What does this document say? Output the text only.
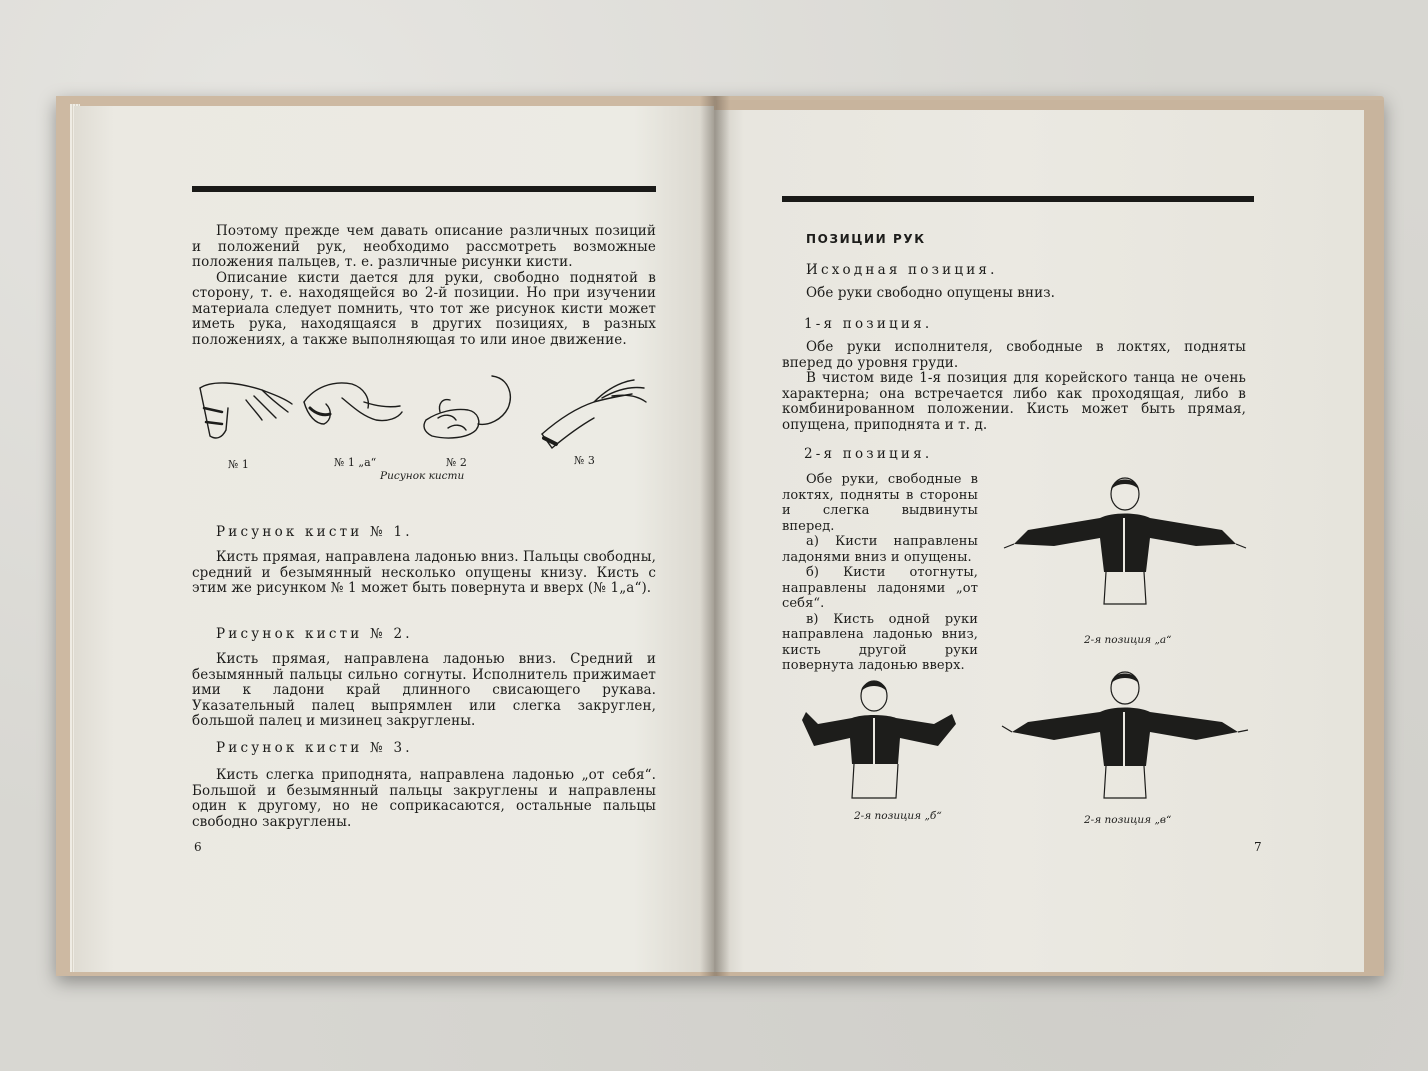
Поэтому прежде чем давать описание различных позиций и положений рук, необходимо рассмотреть возможные положения пальцев, т. е. различные рисунки кисти.

Описание кисти дается для руки, свободно поднятой в сторону, т. е. находящейся во 2-й позиции. Но при изучении материала следует помнить, что тот же рисунок кисти может иметь рука, находящаяся в других позициях, в разных положениях, а также выполняющая то или иное движение.

№ 1	№ 1 „а“	№ 2	№ 3
Рисунок кисти
Рисунок кисти № 1.

Кисть прямая, направлена ладонью вниз. Пальцы свободны, средний и безымянный несколько опущены книзу. Кисть с этим же рисунком № 1 может быть повернута и вверх (№ 1„а“).

Рисунок кисти № 2.

Кисть прямая, направлена ладонью вниз. Средний и безымянный пальцы сильно согнуты. Исполнитель прижимает ими к ладони край длинного свисающего рукава. Указательный палец выпрямлен или слегка закруглен, большой палец и мизинец закруглены.

Рисунок кисти № 3.

Кисть слегка приподнята, направлена ладонью „от себя“. Большой и безымянный пальцы закруглены и направлены один к другому, но не соприкасаются, остальные пальцы свободно закруглены.

6
ПОЗИЦИИ РУК
Исходная позиция.
Обе руки свободно опущены вниз.
1-я позиция.

Обе руки исполнителя, свободные в локтях, подняты вперед до уровня груди.

В чистом виде 1-я позиция для корейского танца не очень характерна; она встречается либо как проходящая, либо в комбинированном положении. Кисть может быть прямая, опущена, приподнята и т. д.

2-я позиция.

Обе руки, свободные в локтях, подняты в стороны и слегка выдвинуты вперед.

а) Кисти направлены ладонями вниз и опущены.

б) Кисти отогнуты, направлены ладонями „от себя“.

в) Кисть одной руки направлена ладонью вниз, кисть другой руки повернута ладонью вверх.

2-я позиция „а“
2-я позиция „б“	2-я позиция „в“
7
